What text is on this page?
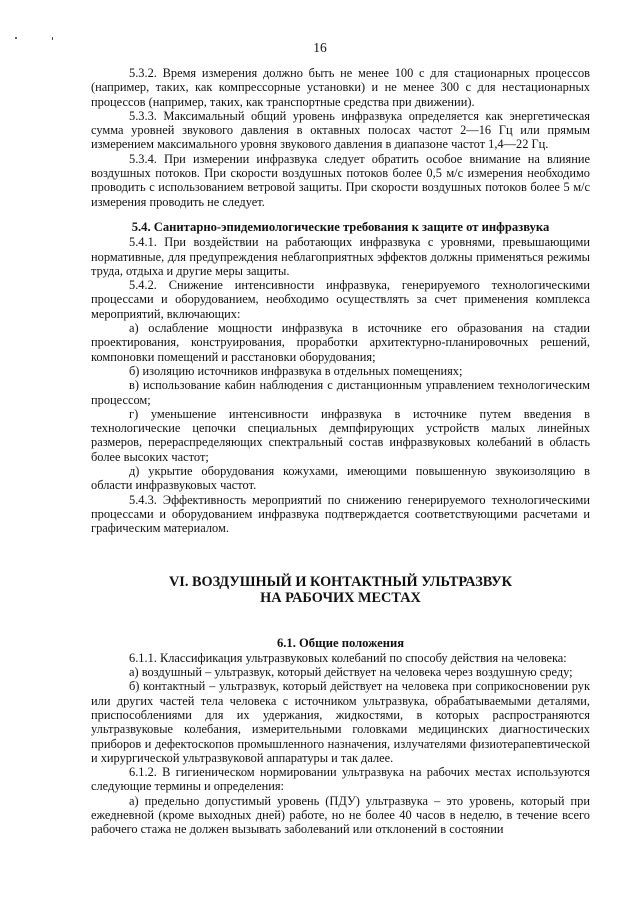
16

5.3.2. Время измерения должно быть не менее 100 с для стационарных процессов (например, таких, как компрессорные установки) и не менее 300 с для нестационарных процессов (например, таких, как транспортные средства при движении).

5.3.3. Максимальный общий уровень инфразвука определяется как энергетическая сумма уровней звукового давления в октавных полосах частот 2—16 Гц или прямым измерением максимального уровня звукового давления в диапазоне частот 1,4—22 Гц.

5.3.4. При измерении инфразвука следует обратить особое внимание на влияние воздушных потоков. При скорости воздушных потоков более 0,5 м/с измерения необходимо проводить с использованием ветровой защиты. При скорости воздушных потоков более 5 м/с измерения проводить не следует.

5.4. Санитарно-эпидемиологические требования к защите от инфразвука

5.4.1. При воздействии на работающих инфразвука с уровнями, превышающими нормативные, для предупреждения неблагоприятных эффектов должны применяться режимы труда, отдыха и другие меры защиты.

5.4.2. Снижение интенсивности инфразвука, генерируемого технологическими процессами и оборудованием, необходимо осуществлять за счет применения комплекса мероприятий, включающих:

а) ослабление мощности инфразвука в источнике его образования на стадии проектирования, конструирования, проработки архитектурно-планировочных решений, компоновки помещений и расстановки оборудования;

б) изоляцию источников инфразвука в отдельных помещениях;

в) использование кабин наблюдения с дистанционным управлением технологическим процессом;

г) уменьшение интенсивности инфразвука в источнике путем введения в технологические цепочки специальных демпфирующих устройств малых линейных размеров, перераспределяющих спектральный состав инфразвуковых колебаний в область более высоких частот;

д) укрытие оборудования кожухами, имеющими повышенную звукоизоляцию в области инфразвуковых частот.

5.4.3. Эффективность мероприятий по снижению генерируемого технологическими процессами и оборудованием инфразвука подтверждается соответствующими расчетами и графическим материалом.

VI. ВОЗДУШНЫЙ И КОНТАКТНЫЙ УЛЬТРАЗВУК
НА РАБОЧИХ МЕСТАХ

6.1. Общие положения

6.1.1. Классификация ультразвуковых колебаний по способу действия на человека:

а) воздушный – ультразвук, который действует на человека через воздушную среду;

б) контактный – ультразвук, который действует на человека при соприкосновении рук или других частей тела человека с источником ультразвука, обрабатываемыми деталями, приспособлениями для их удержания, жидкостями, в которых распространяются ультразвуковые колебания, измерительными головками медицинских диагностических приборов и дефектоскопов промышленного назначения, излучателями физиотерапевтической и хирургической ультразвуковой аппаратуры и так далее.

6.1.2. В гигиеническом нормировании ультразвука на рабочих местах используются следующие термины и определения:

а) предельно допустимый уровень (ПДУ) ультразвука – это уровень, который при ежедневной (кроме выходных дней) работе, но не более 40 часов в неделю, в течение всего рабочего стажа не должен вызывать заболеваний или отклонений в состоянии
